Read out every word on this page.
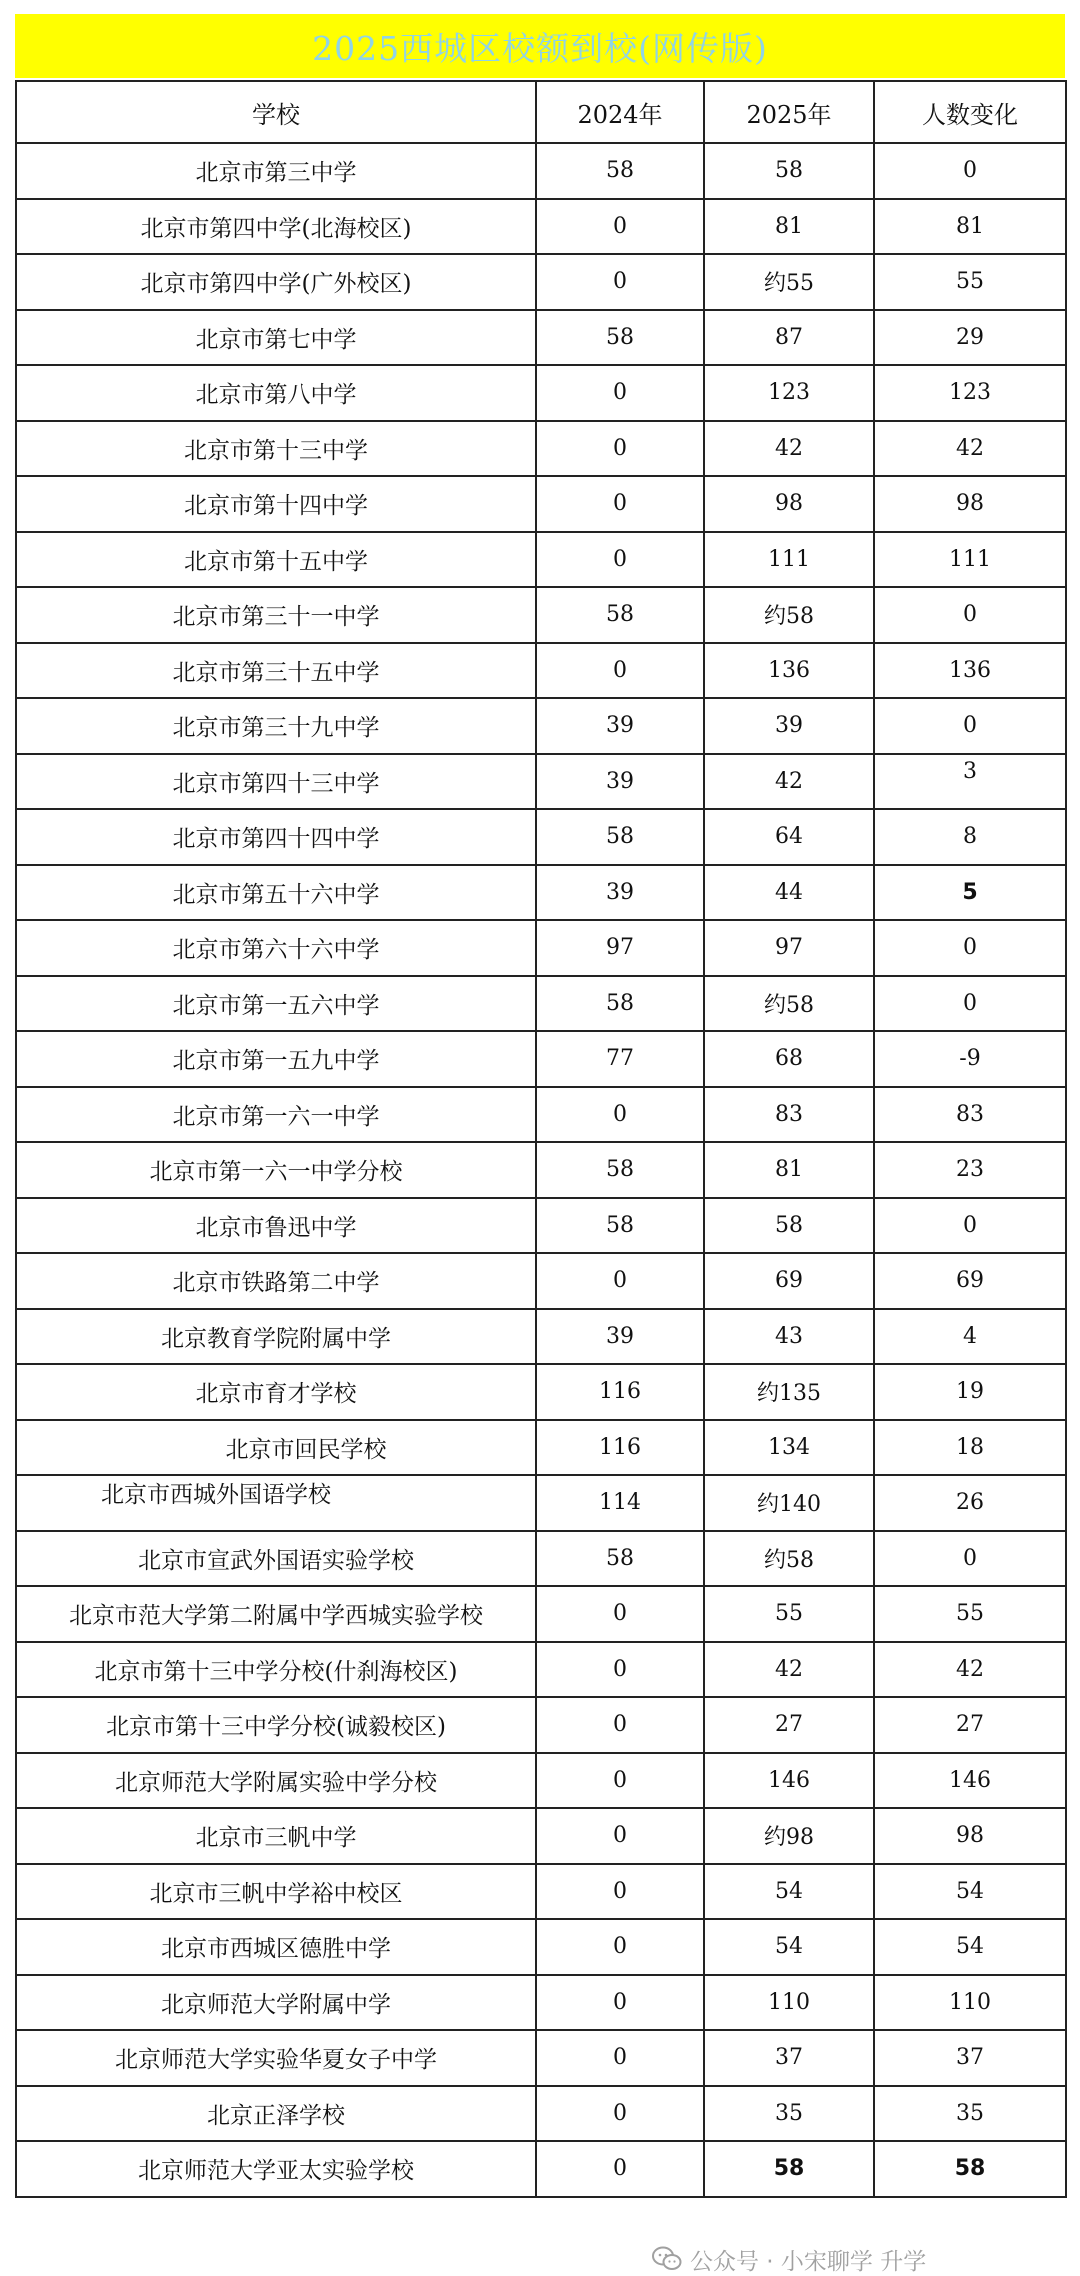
2025西城区校额到校(网传版)
学校	2024年	2025年	人数变化
北京市第三中学	58	58	0
北京市第四中学(北海校区)	0	81	81
北京市第四中学(广外校区)	0	约55	55
北京市第七中学	58	87	29
北京市第八中学	0	123	123
北京市第十三中学	0	42	42
北京市第十四中学	0	98	98
北京市第十五中学	0	111	111
北京市第三十一中学	58	约58	0
北京市第三十五中学	0	136	136
北京市第三十九中学	39	39	0
北京市第四十三中学	39	42	3
北京市第四十四中学	58	64	8
北京市第五十六中学	39	44	5
北京市第六十六中学	97	97	0
北京市第一五六中学	58	约58	0
北京市第一五九中学	77	68	-9
北京市第一六一中学	0	83	83
北京市第一六一中学分校	58	81	23
北京市鲁迅中学	58	58	0
北京市铁路第二中学	0	69	69
北京教育学院附属中学	39	43	4
北京市育才学校	116	约135	19
北京市回民学校	116	134	18
北京市西城外国语学校	114	约140	26
北京市宣武外国语实验学校	58	约58	0
北京市范大学第二附属中学西城实验学校	0	55	55
北京市第十三中学分校(什刹海校区)	0	42	42
北京市第十三中学分校(诚毅校区)	0	27	27
北京师范大学附属实验中学分校	0	146	146
北京市三帆中学	0	约98	98
北京市三帆中学裕中校区	0	54	54
北京市西城区德胜中学	0	54	54
北京师范大学附属中学	0	110	110
北京师范大学实验华夏女子中学	0	37	37
北京正泽学校	0	35	35
北京师范大学亚太实验学校	0	58	58
公众号 · 小宋聊学 升学
